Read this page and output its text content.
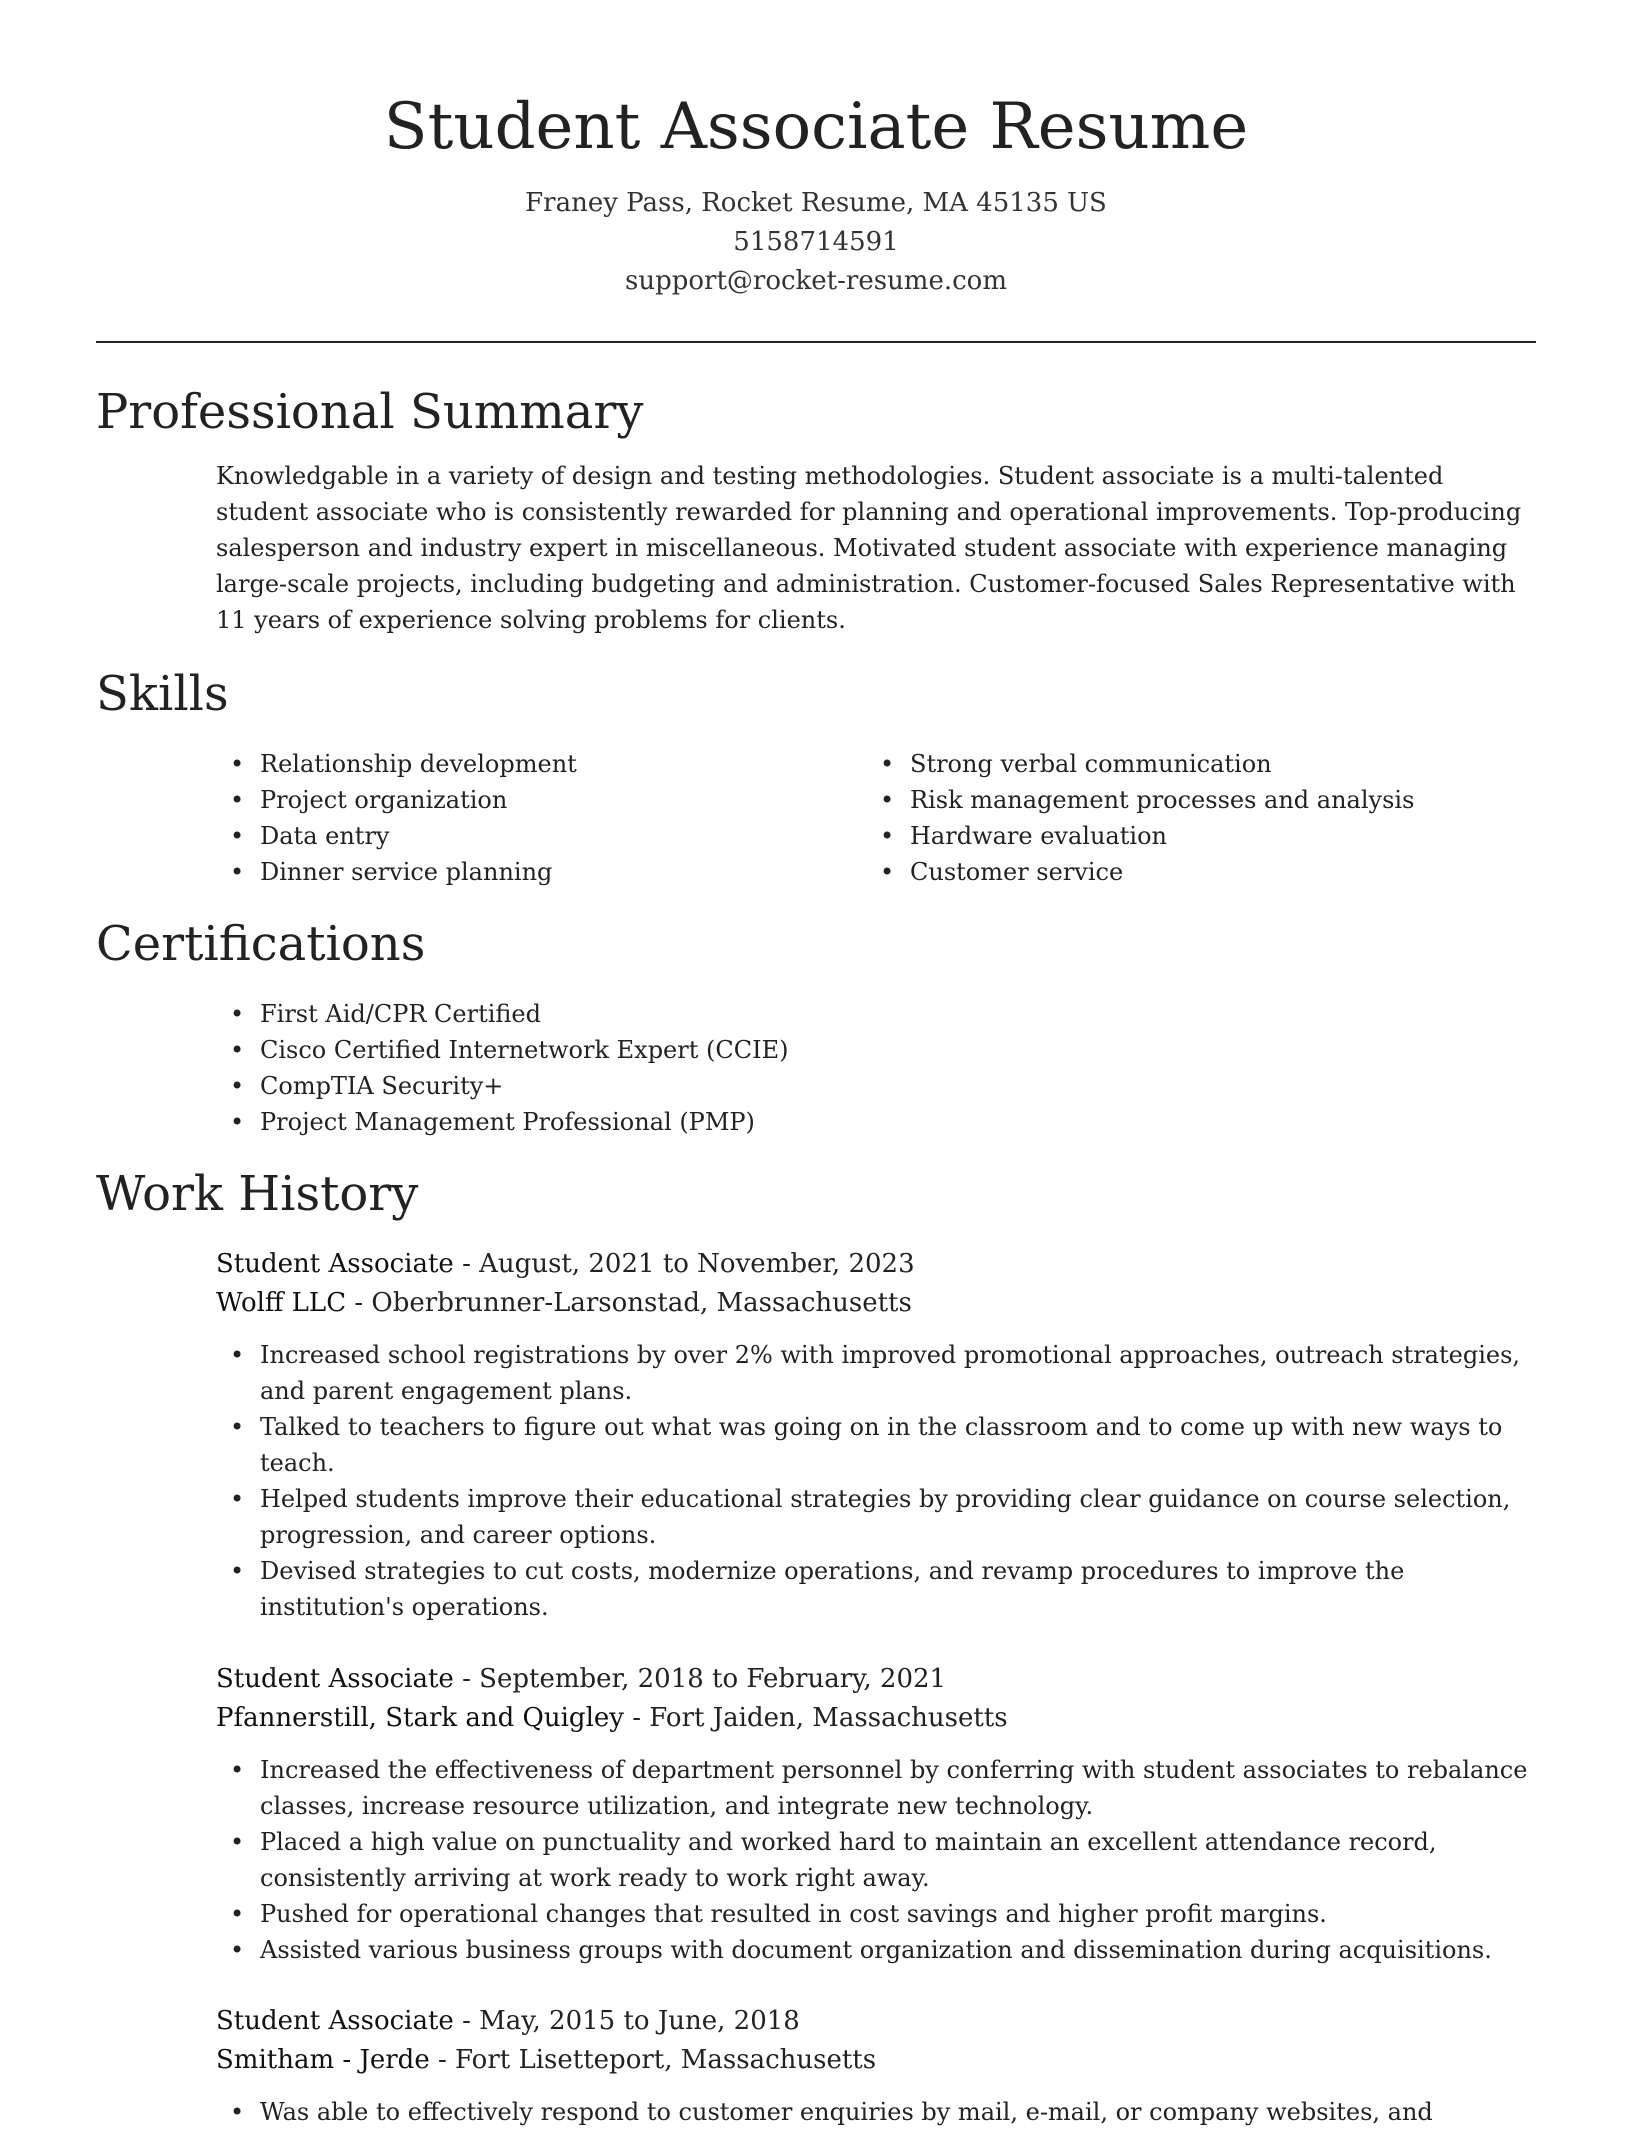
Student Associate Resume
Franey Pass, Rocket Resume, MA 45135 US
5158714591
support@rocket-resume.com
Professional Summary

Knowledgable in a variety of design and testing methodologies. Student associate is a multi-talented student associate who is consistently rewarded for planning and operational improvements. Top-producing salesperson and industry expert in miscellaneous. Motivated student associate with experience managing large-scale projects, including budgeting and administration. Customer-focused Sales Representative with 11 years of experience solving problems for clients.

Skills
• Relationship development
• Project organization
• Data entry
• Dinner service planning
• Strong verbal communication
• Risk management processes and analysis
• Hardware evaluation
• Customer service
Certifications
• First Aid/CPR Certified
• Cisco Certified Internetwork Expert (CCIE)
• CompTIA Security+
• Project Management Professional (PMP)
Work History
Student Associate - August, 2021 to November, 2023
Wolff LLC - Oberbrunner-Larsonstad, Massachusetts
• Increased school registrations by over 2% with improved promotional approaches, outreach strategies, and parent engagement plans.
• Talked to teachers to figure out what was going on in the classroom and to come up with new ways to teach.
• Helped students improve their educational strategies by providing clear guidance on course selection, progression, and career options.
• Devised strategies to cut costs, modernize operations, and revamp procedures to improve the institution's operations.
Student Associate - September, 2018 to February, 2021
Pfannerstill, Stark and Quigley - Fort Jaiden, Massachusetts
• Increased the effectiveness of department personnel by conferring with student associates to rebalance classes, increase resource utilization, and integrate new technology.
• Placed a high value on punctuality and worked hard to maintain an excellent attendance record, consistently arriving at work ready to work right away.
• Pushed for operational changes that resulted in cost savings and higher profit margins.
• Assisted various business groups with document organization and dissemination during acquisitions.
Student Associate - May, 2015 to June, 2018
Smitham - Jerde - Fort Lisetteport, Massachusetts
• Was able to effectively respond to customer enquiries by mail, e-mail, or company websites, and
